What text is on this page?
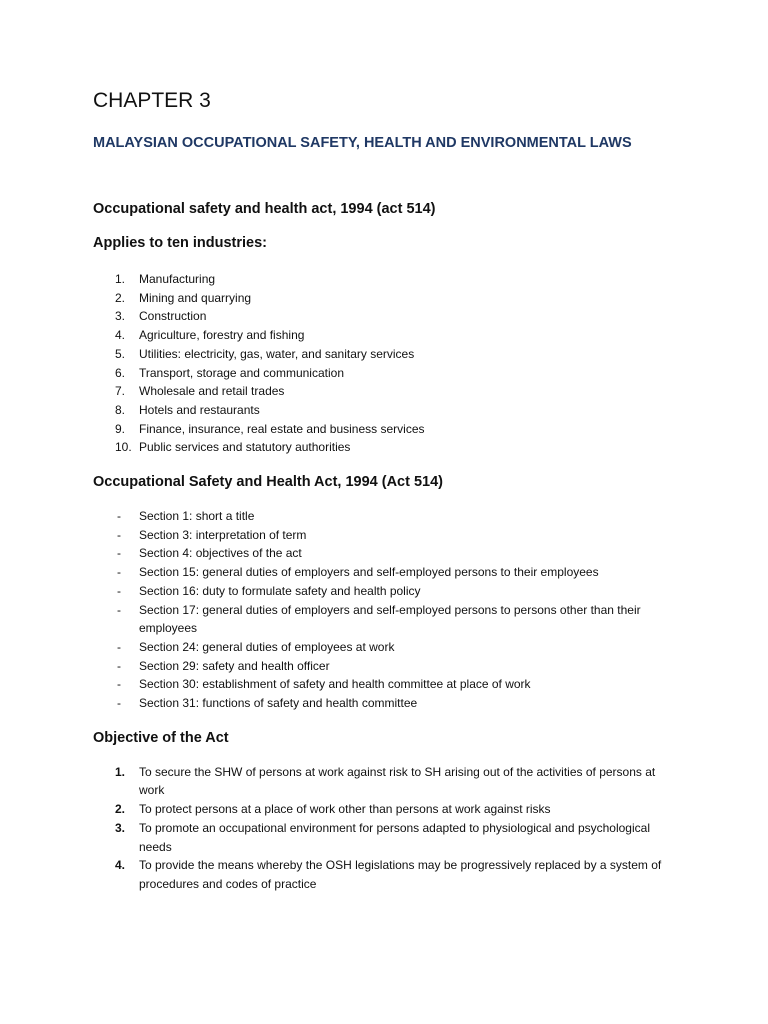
CHAPTER 3
MALAYSIAN OCCUPATIONAL SAFETY, HEALTH AND ENVIRONMENTAL LAWS
Occupational safety and health act, 1994 (act 514)
Applies to ten industries:
1.	Manufacturing
2.	Mining and quarrying
3.	Construction
4.	Agriculture, forestry and fishing
5.	Utilities: electricity, gas, water, and sanitary services
6.	Transport, storage and communication
7.	Wholesale and retail trades
8.	Hotels and restaurants
9.	Finance, insurance, real estate and business services
10. Public services and statutory authorities
Occupational Safety and Health Act, 1994 (Act 514)
- Section 1: short a title
- Section 3: interpretation of term
- Section 4: objectives of the act
- Section 15: general duties of employers and self-employed persons to their employees
- Section 16: duty to formulate safety and health policy
- Section 17: general duties of employers and self-employed persons to persons other than their employees
- Section 24: general duties of employees at work
- Section 29: safety and health officer
- Section 30: establishment of safety and health committee at place of work
- Section 31: functions of safety and health committee
Objective of the Act
1.	To secure the SHW of persons at work against risk to SH arising out of the activities of persons at work
2.	To protect persons at a place of work other than persons at work against risks
3.	To promote an occupational environment for persons adapted to physiological and psychological needs
4.	To provide the means whereby the OSH legislations may be progressively replaced by a system of procedures and codes of practice
